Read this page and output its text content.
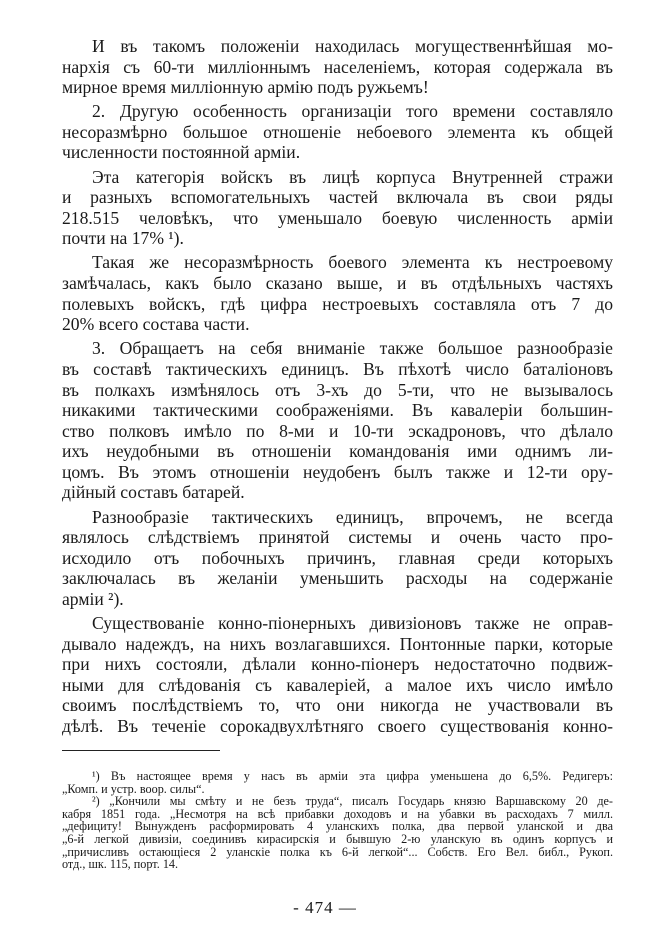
И въ такомъ положеніи находилась могущественнѣйшая мо-
нархія съ 60-ти милліоннымъ населеніемъ, которая содержала въ
мирное время милліонную армію подъ ружьемъ!
2. Другую особенность организаціи того времени составляло
несоразмѣрно большое отношеніе небоевого элемента къ общей
численности постоянной арміи.
Эта категорія войскъ въ лицѣ корпуса Внутренней стражи
и разныхъ вспомогательныхъ частей включала въ свои ряды
218.515 человѣкъ, что уменьшало боевую численность арміи
почти на 17% ¹).
Такая же несоразмѣрность боевого элемента къ нестроевому
замѣчалась, какъ было сказано выше, и въ отдѣльныхъ частяхъ
полевыхъ войскъ, гдѣ цифра нестроевыхъ составляла отъ 7 до
20% всего состава части.
3. Обращаетъ на себя вниманіе также большое разнообразіе
въ составѣ тактическихъ единицъ. Въ пѣхотѣ число баталіоновъ
въ полкахъ измѣнялось отъ 3-хъ до 5-ти, что не вызывалось
никакими тактическими соображеніями. Въ кавалеріи большин-
ство полковъ имѣло по 8-ми и 10-ти эскадроновъ, что дѣлало
ихъ неудобными въ отношеніи командованія ими однимъ ли-
цомъ. Въ этомъ отношеніи неудобенъ былъ также и 12-ти ору-
дійный составъ батарей.
Разнообразіе тактическихъ единицъ, впрочемъ, не всегда
являлось слѣдствіемъ принятой системы и очень часто про-
исходило отъ побочныхъ причинъ, главная среди которыхъ
заключалась въ желаніи уменьшить расходы на содержаніе
арміи ²).
Существованіе конно-піонерныхъ дивизіоновъ также не оправ-
дывало надеждъ, на нихъ возлагавшихся. Понтонные парки, которые
при нихъ состояли, дѣлали конно-піонеръ недостаточно подвиж-
ными для слѣдованія съ кавалеріей, а малое ихъ число имѣло
своимъ послѣдствіемъ то, что они никогда не участвовали въ
дѣлѣ. Въ теченіе сорокадвухлѣтняго своего существованія конно-
¹) Въ настоящее время у насъ въ арміи эта цифра уменьшена до 6,5%. Редигеръ:
„Комп. и устр. воор. силы“.
²) „Кончили мы смѣту и не безъ труда“, писалъ Государь князю Варшавскому 20 де-
кабря 1851 года. „Несмотря на всѣ прибавки доходовъ и на убавки въ расходахъ 7 милл.
„дефициту! Вынужденъ расформировать 4 уланскихъ полка, два первой уланской и два
„6-й легкой дивизіи, соединивъ кирасирскія и бывшую 2-ю уланскую въ одинъ корпусъ и
„причисливъ остающіеся 2 уланскіе полка къ 6-й легкой“... Собств. Его Вел. библ., Рукоп.
отд., шк. 115, порт. 14.
- 474 —
